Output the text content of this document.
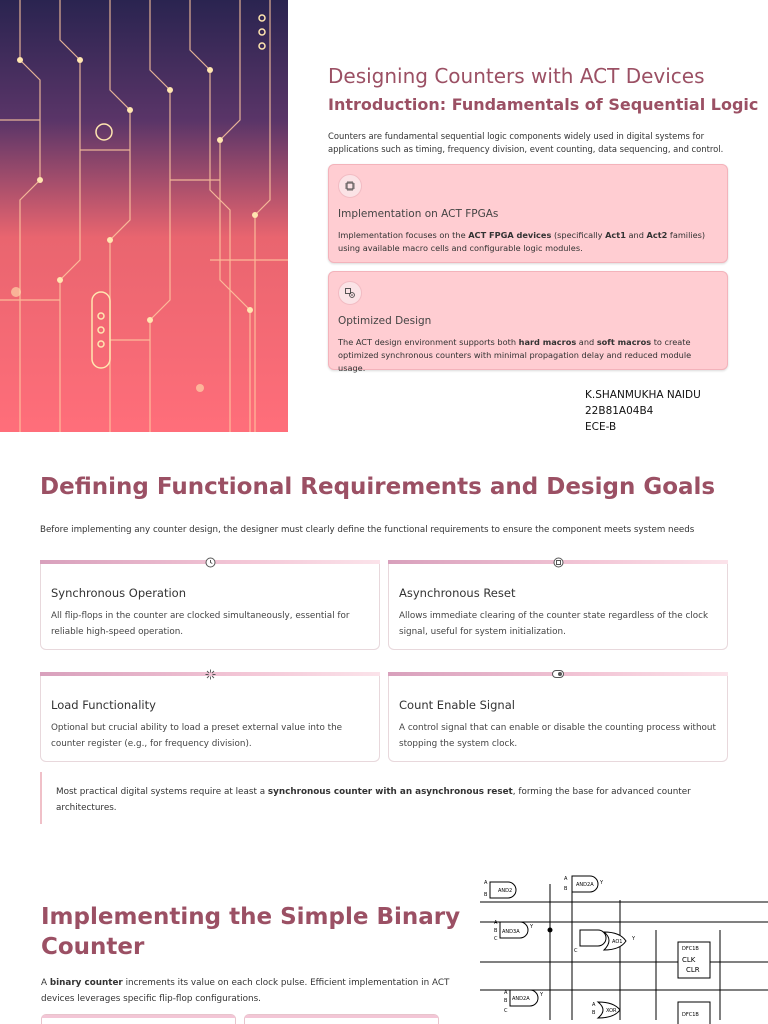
Designing Counters with ACT Devices
Introduction: Fundamentals of Sequential Logic

Counters are fundamental sequential logic components widely used in digital systems for applications such as timing, frequency division, event counting, data sequencing, and control.

Implementation on ACT FPGAs
Implementation focuses on the ACT FPGA devices (specifically Act1 and Act2 families) using available macro cells and configurable logic modules.
Optimized Design
The ACT design environment supports both hard macros and soft macros to create optimized synchronous counters with minimal propagation delay and reduced module usage.
K.SHANMUKHA NAIDU
22B81A04B4
ECE-B
Defining Functional Requirements and Design Goals

Before implementing any counter design, the designer must clearly define the functional requirements to ensure the component meets system needs

Synchronous Operation
All flip-flops in the counter are clocked simultaneously, essential for reliable high-speed operation.
Asynchronous Reset
Allows immediate clearing of the counter state regardless of the clock signal, useful for system initialization.
Load Functionality
Optional but crucial ability to load a preset external value into the counter register (e.g., for frequency division).
Count Enable Signal
A control signal that can enable or disable the counting process without stopping the system clock.
Most practical digital systems require at least a synchronous counter with an asynchronous reset, forming the base for advanced counter architectures.
Implementing the Simple Binary Counter

A binary counter increments its value on each clock pulse. Efficient implementation in ACT devices leverages specific flip-flop configurations.

AND2
AND2A
AND3A
AO1
AND2A
XOR
DFC1B
CLK
CLR
DFC1B
A
B
A
B
Y
A
B
C
Y
C
Y
A
B
C
Y
A
B
